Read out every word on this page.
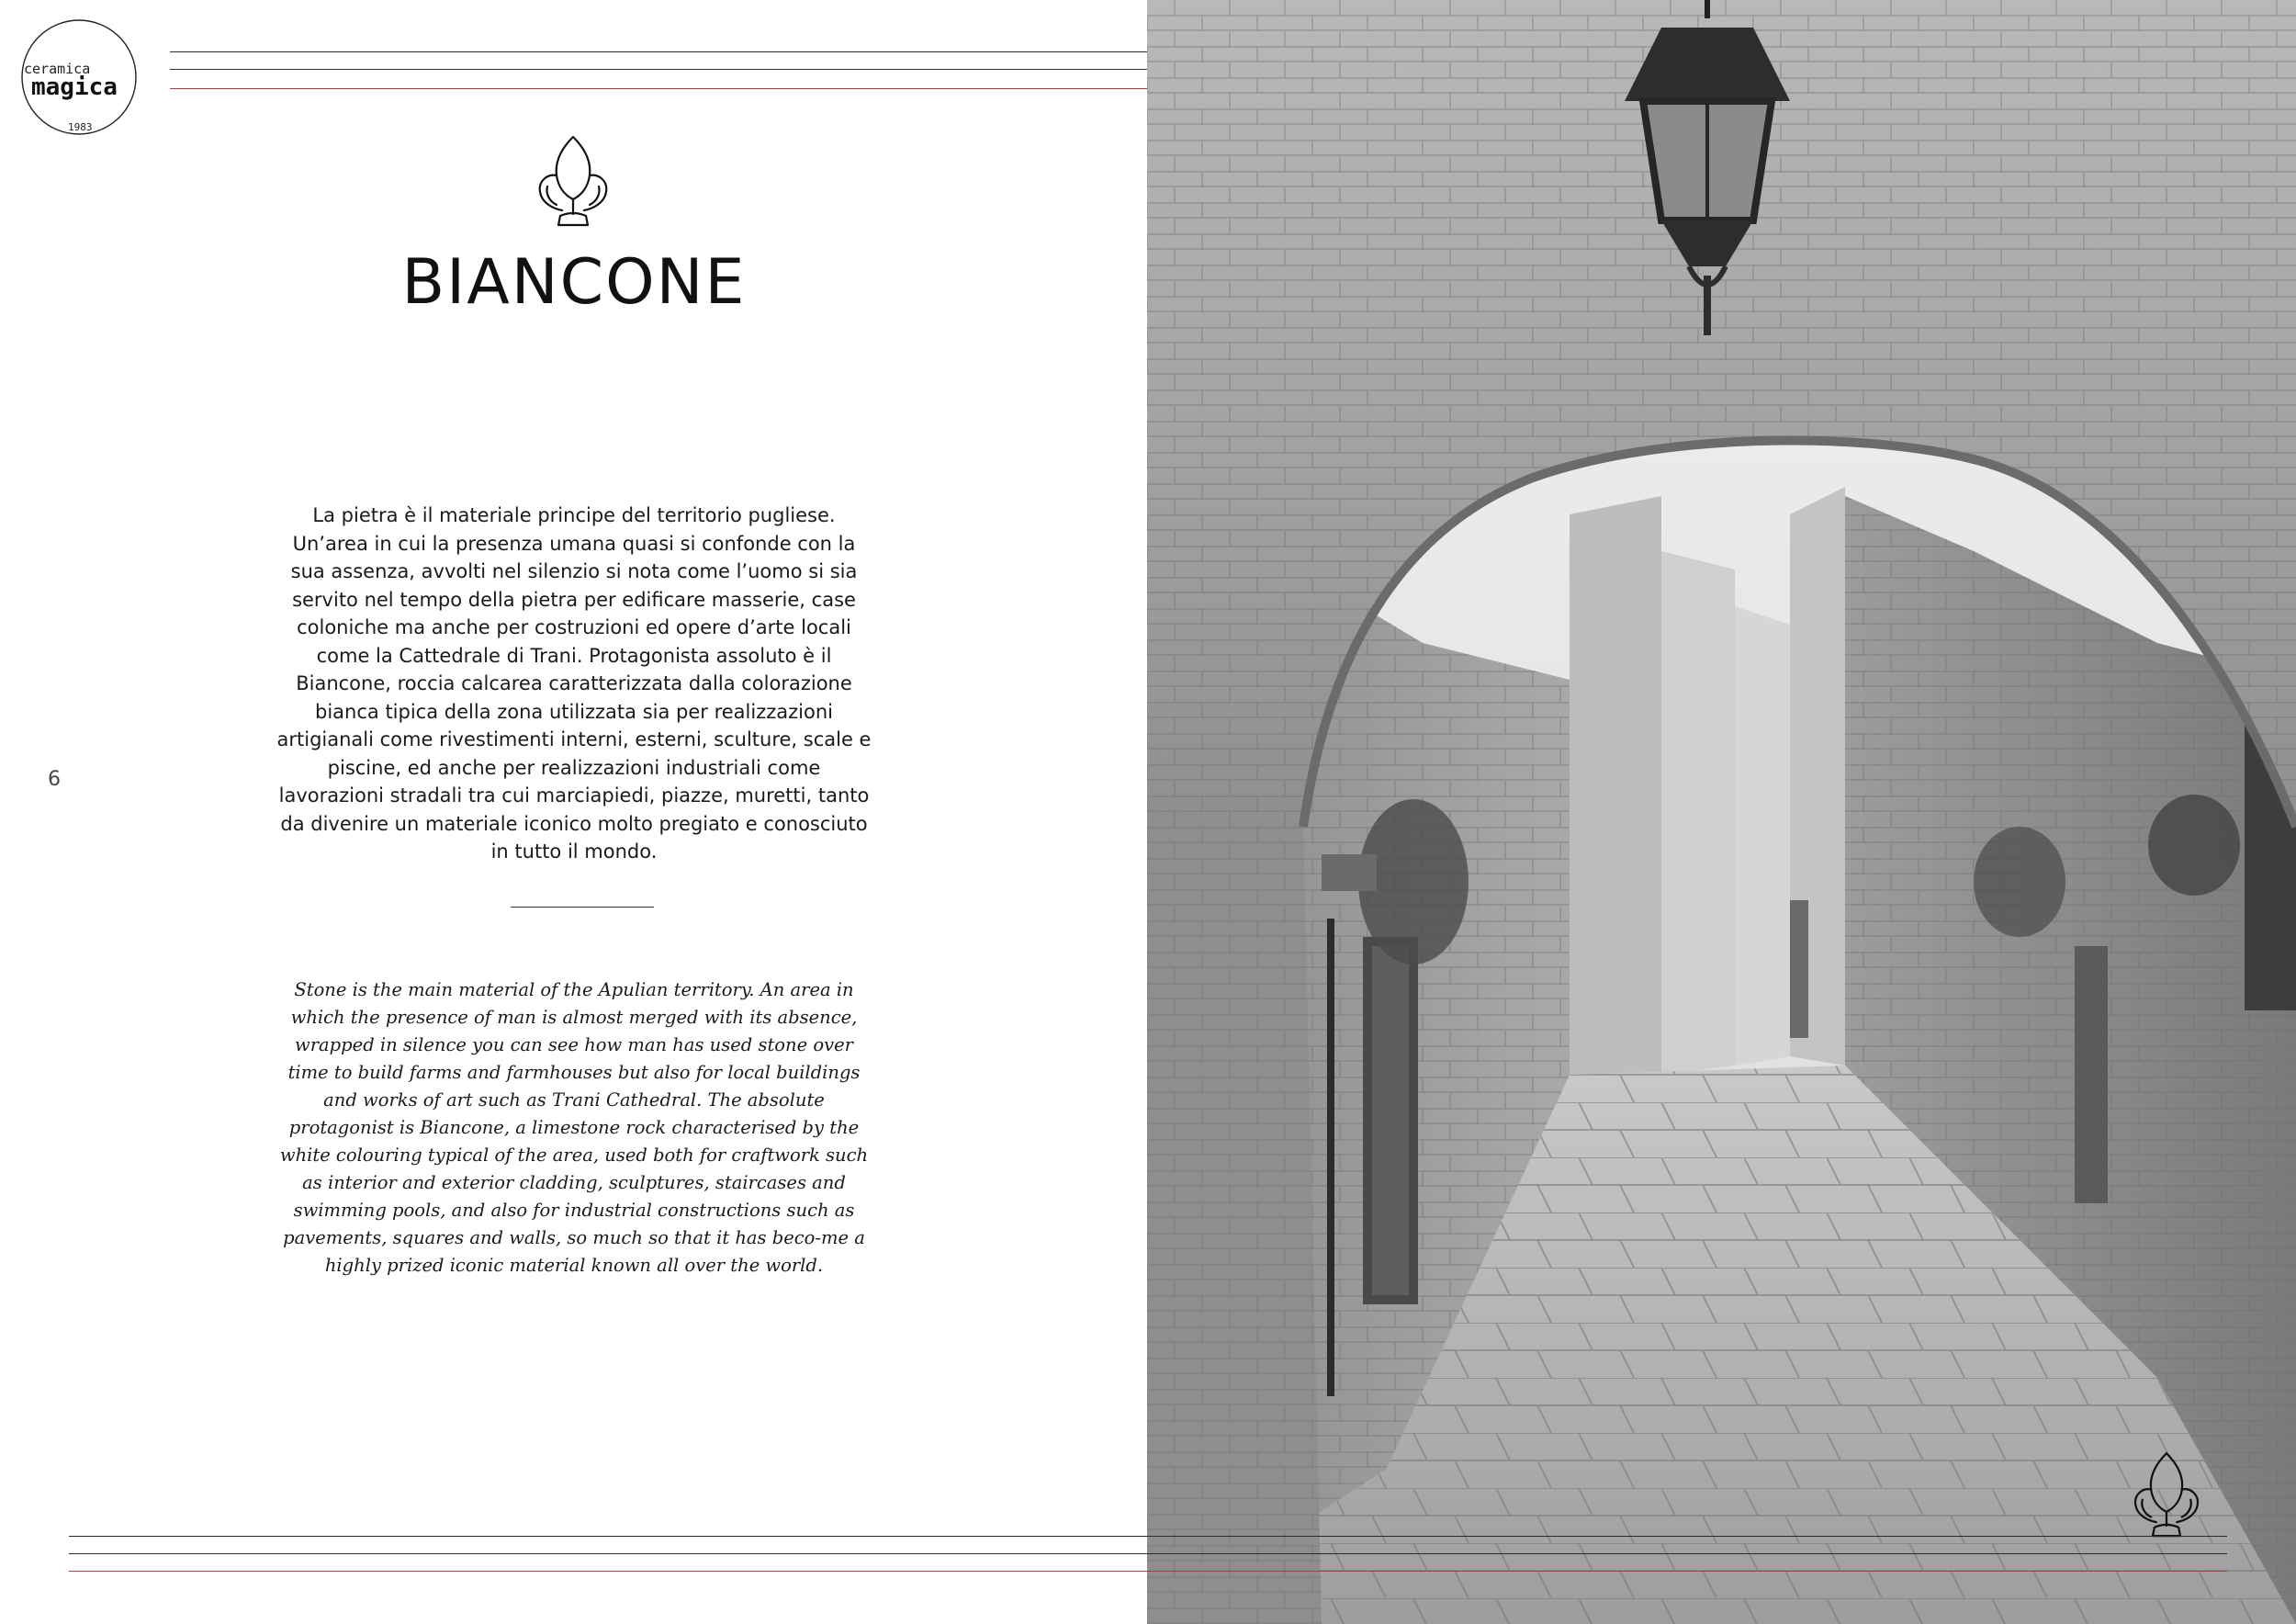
ceramica
magica
1983
BIANCONE
6

La pietra è il materiale principe del territorio pugliese. Un’area in cui la presenza umana quasi si confonde con la sua assenza, avvolti nel silenzio si nota come l’uomo si sia servito nel tempo della pietra per edificare masserie, case coloniche ma anche per costruzioni ed opere d’arte locali come la Cattedrale di Trani. Protagonista assoluto è il Biancone, roccia calcarea caratterizzata dalla colorazione bianca tipica della zona utilizzata sia per realizzazioni artigianali come rivestimenti interni, esterni, sculture, scale e piscine, ed anche per realizzazioni industriali come lavorazioni stradali tra cui marciapiedi, piazze, muretti, tanto da divenire un materiale iconico molto pregiato e conosciuto in tutto il mondo.

Stone is the main material of the Apulian territory. An area in which the presence of man is almost merged with its absence, wrapped in silence you can see how man has used stone over time to build farms and farmhouses but also for local buildings and works of art such as Trani Cathedral. The absolute protagonist is Biancone, a limestone rock characterised by the white colouring typical of the area, used both for craftwork such as interior and exterior cladding, sculptures, staircases and swimming pools, and also for industrial constructions such as pavements, squares and walls, so much so that it has beco-me a highly prized iconic material known all over the world.
